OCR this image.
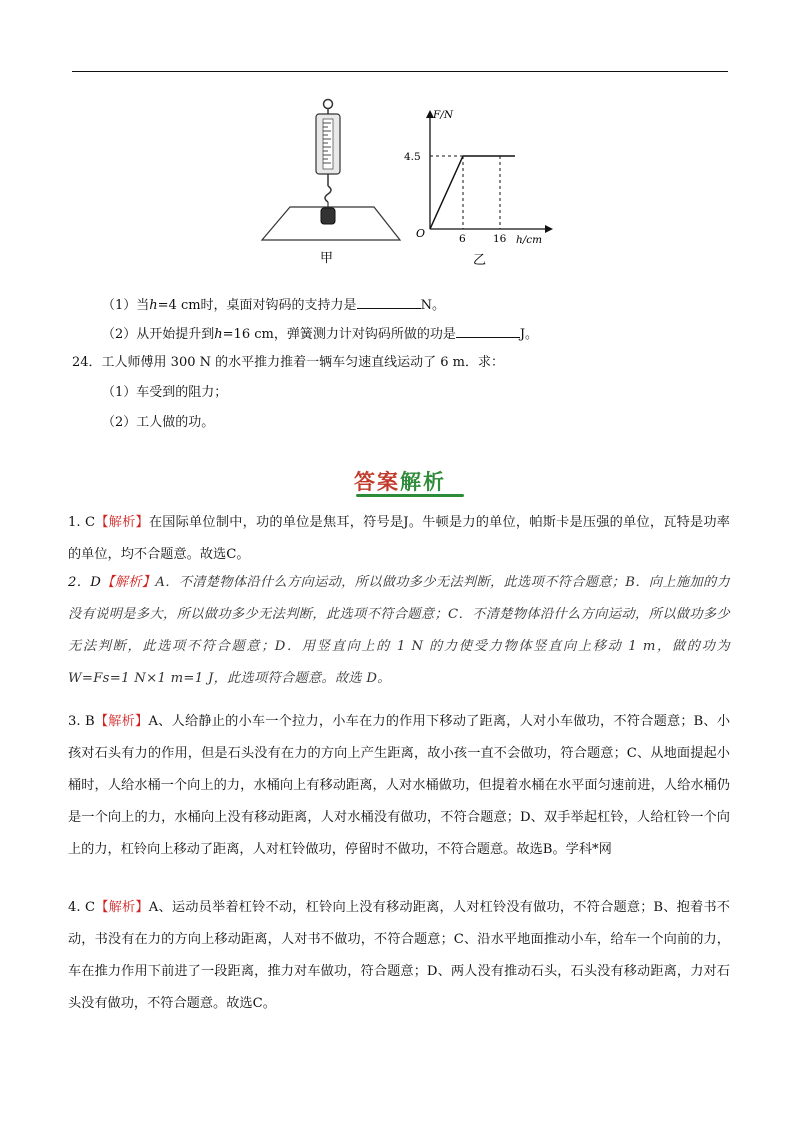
甲
F/N
4.5
O	6	16 h/cm
乙
（1）当h=4 cm时，桌面对钩码的支持力是	N。
（2）从开始提升到h=16 cm，弹簧测力计对钩码所做的功是	J。
24．工人师傅用 300 N 的水平推力推着一辆车匀速直线运动了 6 m．求：
（1）车受到的阻力；
（2）工人做的功。
答案解析
1. C【解析】在国际单位制中，功的单位是焦耳，符号是J。牛顿是力的单位，帕斯卡是压强的单位，瓦特是功率的单位，均不合题意。故选C。
2．D【解析】A．不清楚物体沿什么方向运动，所以做功多少无法判断，此选项不符合题意；B．向上施加的力没有说明是多大，所以做功多少无法判断，此选项不符合题意；C．不清楚物体沿什么方向运动，所以做功多少无法判断，此选项不符合题意；D．用竖直向上的 1 N 的力使受力物体竖直向上移动 1 m，做的功为 W=Fs=1 N×1 m=1 J，此选项符合题意。故选 D。
3. B【解析】A、人给静止的小车一个拉力，小车在力的作用下移动了距离，人对小车做功，不符合题意；B、小孩对石头有力的作用，但是石头没有在力的方向上产生距离，故小孩一直不会做功，符合题意；C、从地面提起小桶时，人给水桶一个向上的力，水桶向上有移动距离，人对水桶做功，但提着水桶在水平面匀速前进，人给水桶仍是一个向上的力，水桶向上没有移动距离，人对水桶没有做功，不符合题意；D、双手举起杠铃，人给杠铃一个向上的力，杠铃向上移动了距离，人对杠铃做功，停留时不做功，不符合题意。故选B。学科*网
4. C【解析】A、运动员举着杠铃不动，杠铃向上没有移动距离，人对杠铃没有做功，不符合题意；B、抱着书不动，书没有在力的方向上移动距离，人对书不做功，不符合题意；C、沿水平地面推动小车，给车一个向前的力，车在推力作用下前进了一段距离，推力对车做功，符合题意；D、两人没有推动石头，石头没有移动距离，力对石头没有做功，不符合题意。故选C。
